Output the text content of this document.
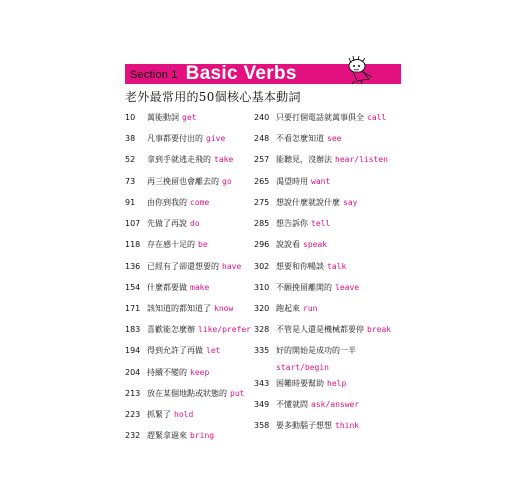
Section 1 Basic Verbs
老外最常用的50個核心基本動詞
10	萬能動詞 get
38	凡事都要付出的 give
52	拿到手就逃走飛的 take
73	再三挽留也會離去的 go
91	由你到我的 come
107 先做了再說 do
118 存在感十足的 be
136 已經有了卻還想要的 have
154 什麼都要做 make
171 該知道的都知道了 know
183 喜歡能怎麼辦 like/prefer
194 得到允許了再做 let
204 持續不變的 keep
213 放在某個地點或狀態的 put
223 抓緊了 hold
232 趕緊拿過來 bring
240 只要打個電話就萬事俱全 call
248 不看怎麼知道 see
257 能聽見，沒辦法 hear/listen
265 渴望時用 want
275 想說什麼就說什麼 say
285 想告訴你 tell
296 說說看 speak
302 想要和你暢談 talk
310 不願挽留離開的 leave
320 跑起來 run
328 不管是人還是機械都要停 break
335 好的開始是成功的一半
start/begin
343 困難時要幫助 help
349 不懂就問 ask/answer
358 要多動腦子想想 think
